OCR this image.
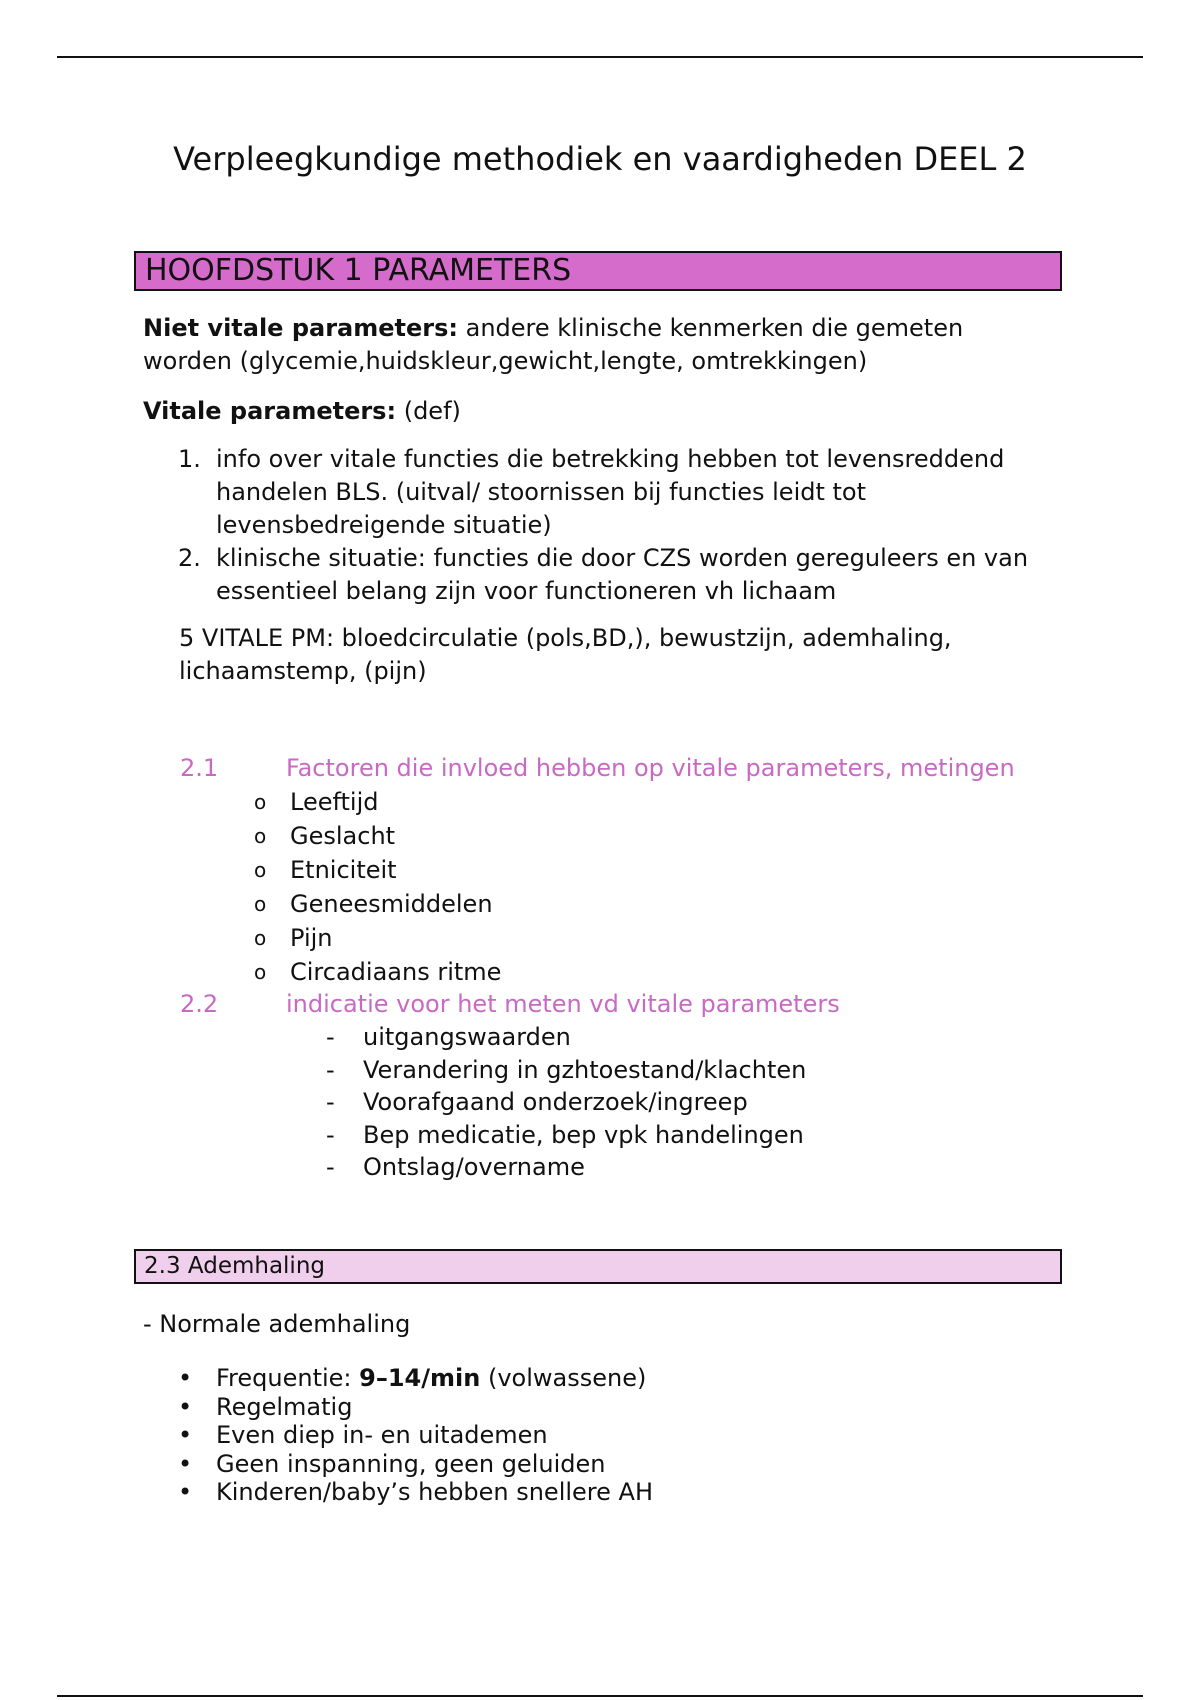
Verpleegkundige methodiek en vaardigheden DEEL 2
HOOFDSTUK 1 PARAMETERS

Niet vitale parameters: andere klinische kenmerken die gemeten worden (glycemie,huidskleur,gewicht,lengte, omtrekkingen)

Vitale parameters: (def)

1. info over vitale functies die betrekking hebben tot levensreddend handelen BLS. (uitval/ stoornissen bij functies leidt tot levensbedreigende situatie)
2. klinische situatie: functies die door CZS worden gereguleers en van essentieel belang zijn voor functioneren vh lichaam

5 VITALE PM: bloedcirculatie (pols,BD,), bewustzijn, ademhaling, lichaamstemp, (pijn)

2.1	Factoren die invloed hebben op vitale parameters, metingen
o Leeftijd
o Geslacht
o Etniciteit
o Geneesmiddelen
o Pijn
o Circadiaans ritme
2.2	indicatie voor het meten vd vitale parameters
- uitgangswaarden
- Verandering in gzhtoestand/klachten
- Voorafgaand onderzoek/ingreep
- Bep medicatie, bep vpk handelingen
- Ontslag/overname
2.3 Ademhaling

- Normale ademhaling

• Frequentie: 9–14/min (volwassene)
• Regelmatig
• Even diep in- en uitademen
• Geen inspanning, geen geluiden
• Kinderen/baby’s hebben snellere AH
